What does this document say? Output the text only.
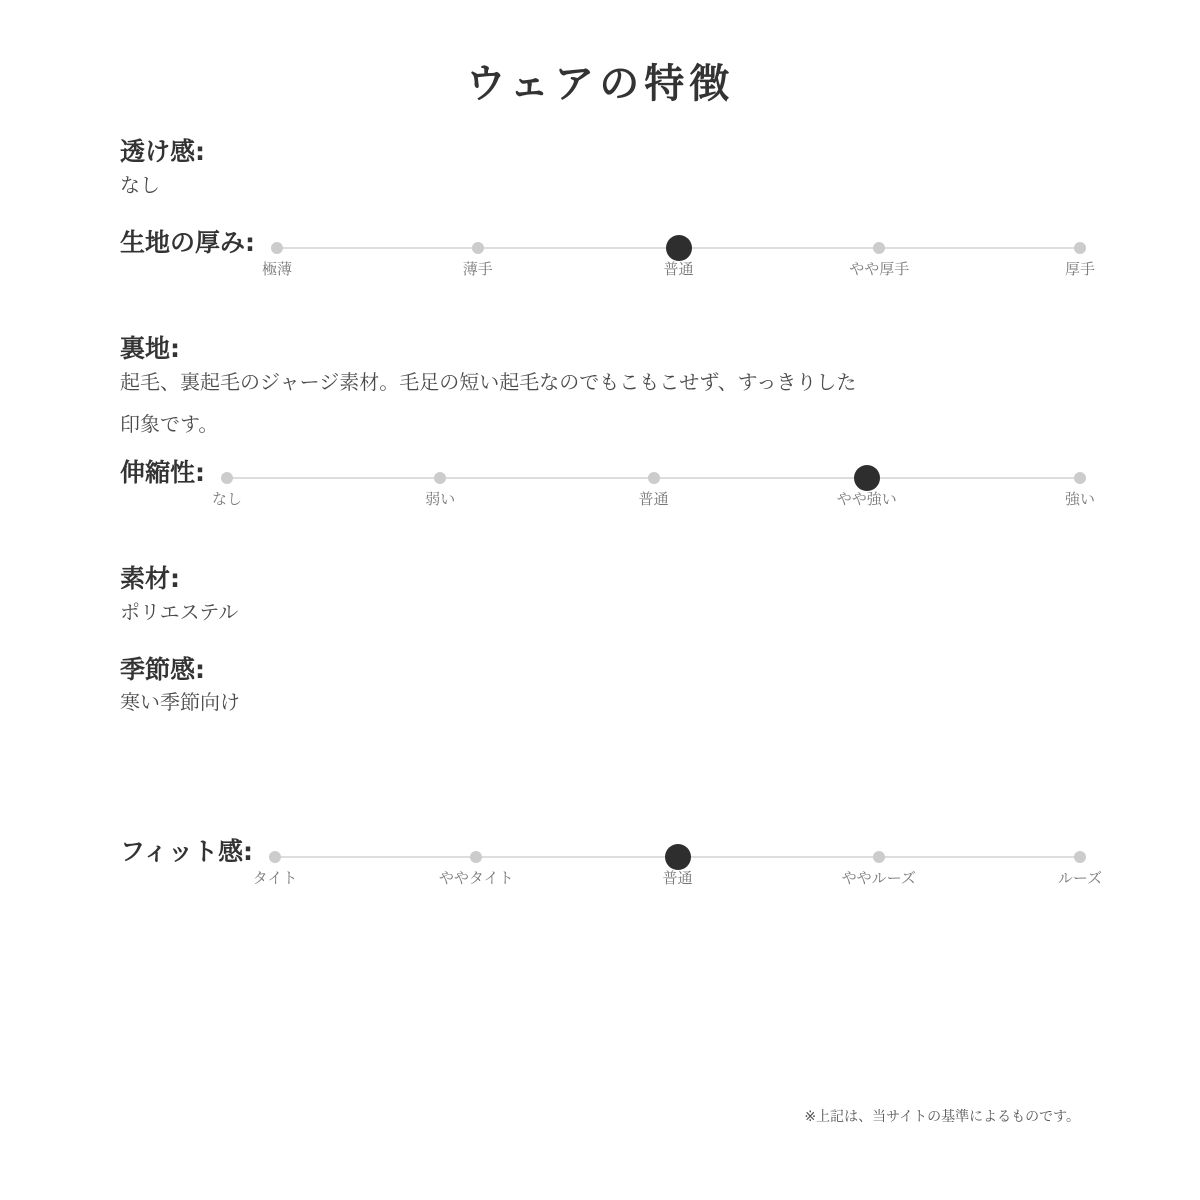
ウェアの特徴
透け感:

なし

生地の厚み:
極薄	薄手	普通	やや厚手	厚手
裏地:

起毛、裏起毛のジャージ素材。毛足の短い起毛なのでもこもこせず、すっきりした印象です。

伸縮性:
なし	弱い	普通	やや強い	強い
素材:

ポリエステル

季節感:

寒い季節向け

フィット感:
タイト	ややタイト	普通	ややルーズ	ルーズ

※上記は、当サイトの基準によるものです。
